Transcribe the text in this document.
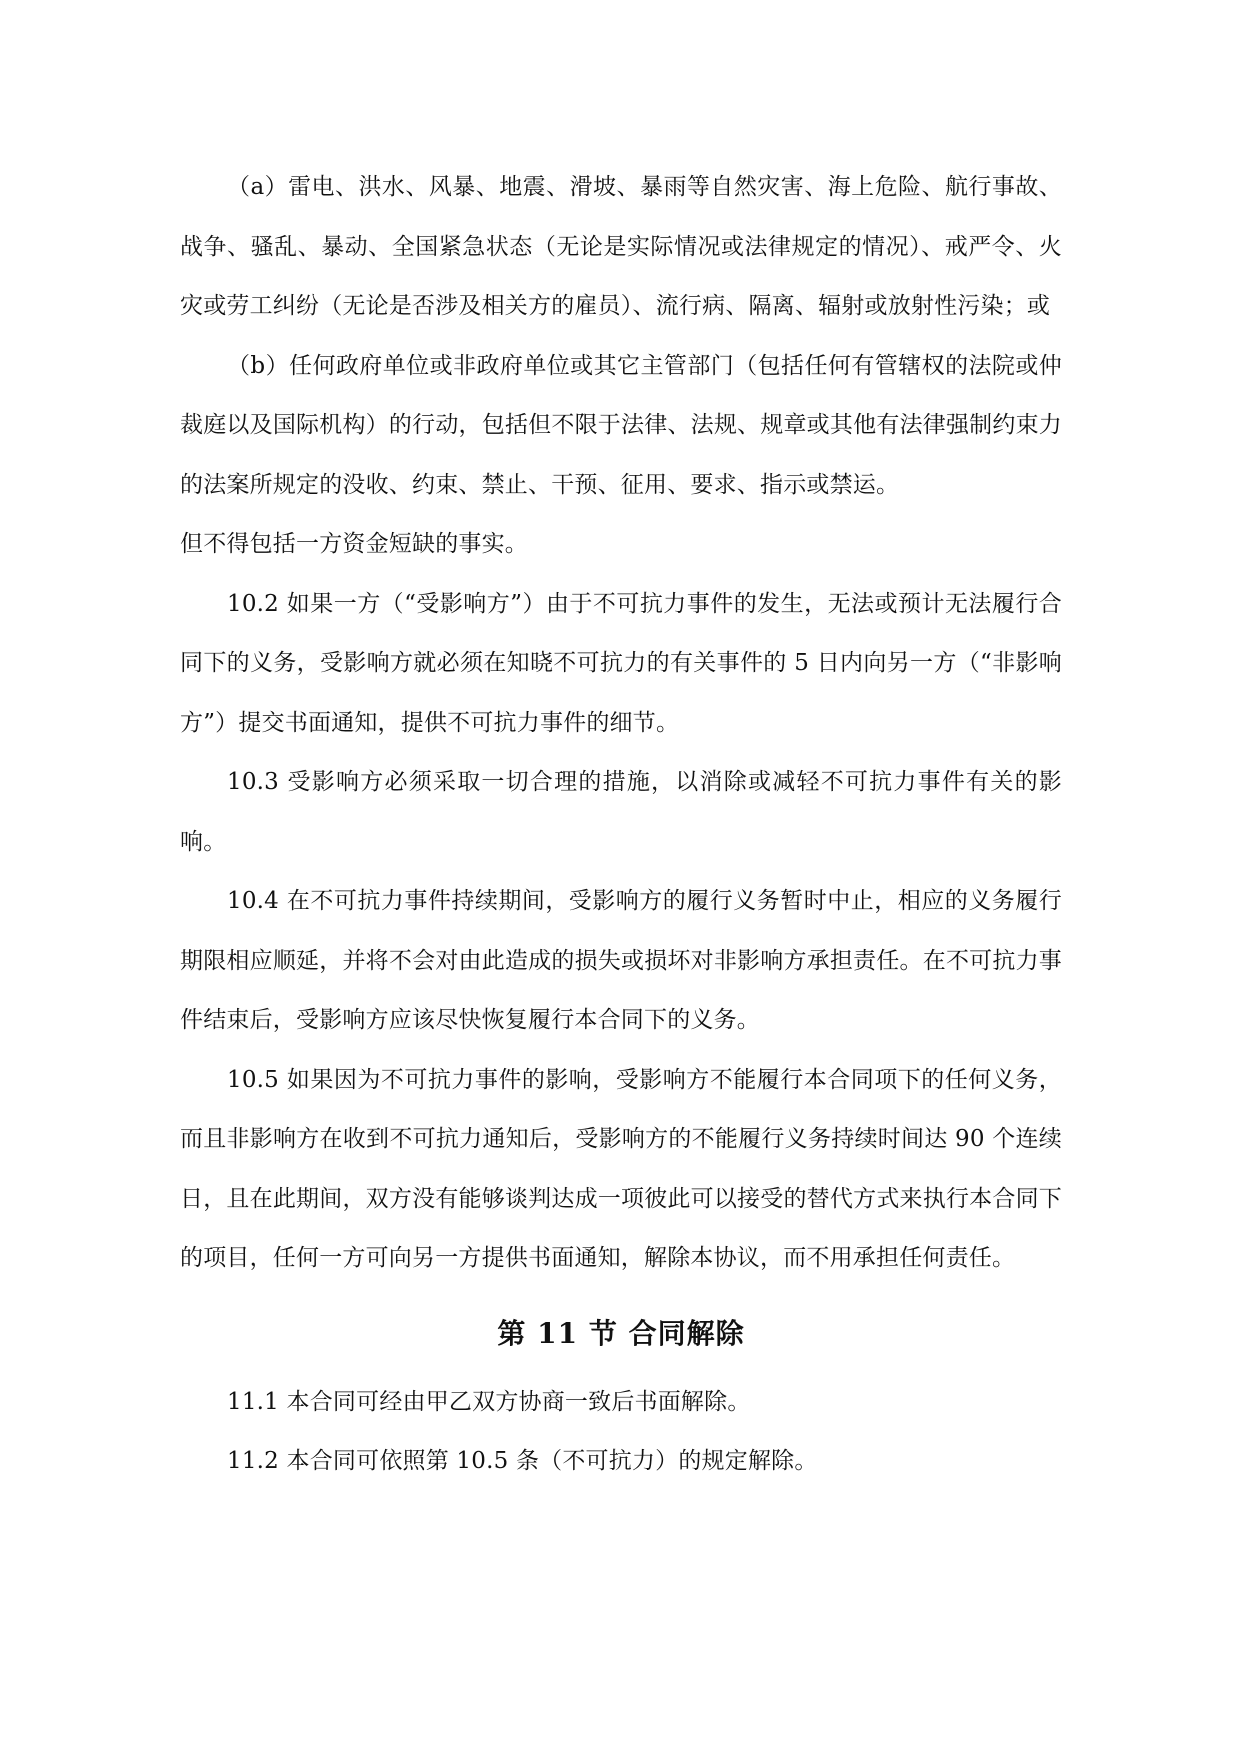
（a）雷电、洪水、风暴、地震、滑坡、暴雨等自然灾害、海上危险、航行事故、战争、骚乱、暴动、全国紧急状态（无论是实际情况或法律规定的情况）、戒严令、火灾或劳工纠纷（无论是否涉及相关方的雇员）、流行病、隔离、辐射或放射性污染；或

（b）任何政府单位或非政府单位或其它主管部门（包括任何有管辖权的法院或仲裁庭以及国际机构）的行动，包括但不限于法律、法规、规章或其他有法律强制约束力的法案所规定的没收、约束、禁止、干预、征用、要求、指示或禁运。

但不得包括一方资金短缺的事实。

10.2 如果一方（“受影响方”）由于不可抗力事件的发生，无法或预计无法履行合同下的义务，受影响方就必须在知晓不可抗力的有关事件的 5 日内向另一方（“非影响方”）提交书面通知，提供不可抗力事件的细节。

10.3 受影响方必须采取一切合理的措施，以消除或减轻不可抗力事件有关的影响。

10.4 在不可抗力事件持续期间，受影响方的履行义务暂时中止，相应的义务履行期限相应顺延，并将不会对由此造成的损失或损坏对非影响方承担责任。在不可抗力事件结束后，受影响方应该尽快恢复履行本合同下的义务。

10.5 如果因为不可抗力事件的影响，受影响方不能履行本合同项下的任何义务，而且非影响方在收到不可抗力通知后，受影响方的不能履行义务持续时间达 90 个连续日，且在此期间，双方没有能够谈判达成一项彼此可以接受的替代方式来执行本合同下的项目，任何一方可向另一方提供书面通知，解除本协议，而不用承担任何责任。

第 11 节 合同解除

11.1 本合同可经由甲乙双方协商一致后书面解除。

11.2 本合同可依照第 10.5 条（不可抗力）的规定解除。
